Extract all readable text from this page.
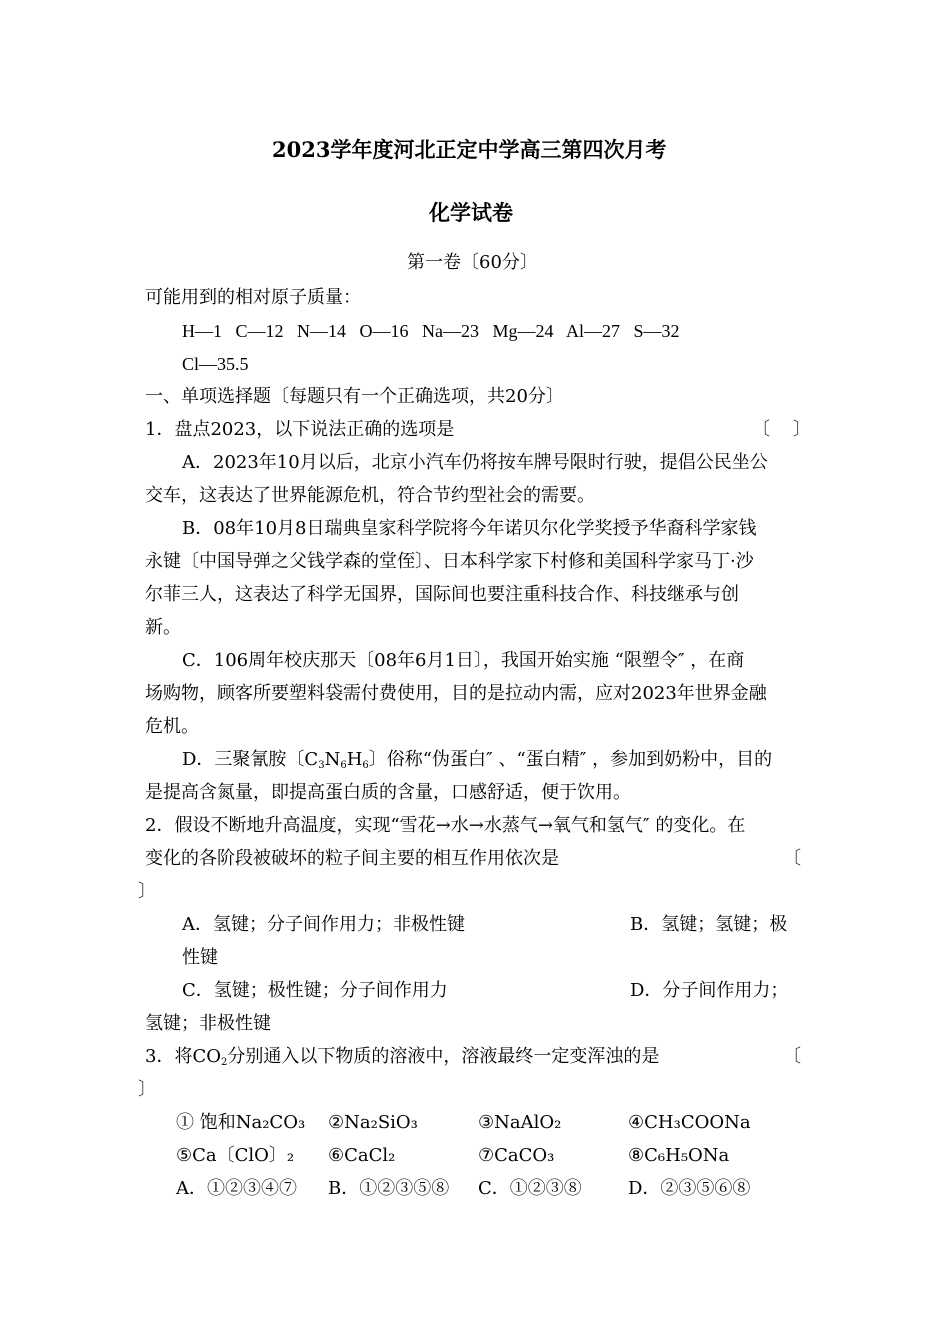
2023学年度河北正定中学高三第四次月考
化学试卷
第一卷〔60分〕
可能用到的相对原子质量：
H—1   C—12   N—14   O—16   Na—23   Mg—24   Al—27   S—32
Cl—35.5
一、单项选择题〔每题只有一个正确选项，共20分〕
1．盘点2023，以下说法正确的选项是	〔    〕
A．2023年10月以后，北京小汽车仍将按车牌号限时行驶，提倡公民坐公
交车，这表达了世界能源危机，符合节约型社会的需要。
B．08年10月8日瑞典皇家科学院将今年诺贝尔化学奖授予华裔科学家钱
永键〔中国导弹之父钱学森的堂侄〕、日本科学家下村修和美国科学家马丁·沙
尔菲三人，这表达了科学无国界，国际间也要注重科技合作、科技继承与创
新。
C．106周年校庆那天〔08年6月1日〕，我国开始实施 “限塑令″ ，在商
场购物，顾客所要塑料袋需付费使用，目的是拉动内需，应对2023年世界金融
危机。
D．三聚氰胺〔$C_3N_6H_6$〕俗称“伪蛋白″ 、“蛋白精″ ，参加到奶粉中，目的
是提高含氮量，即提高蛋白质的含量，口感舒适，便于饮用。
2．假设不断地升高温度，实现“雪花→水→水蒸气→氧气和氢气″ 的变化。在
变化的各阶段被破坏的粒子间主要的相互作用依次是	〔
〕
A．氢键；分子间作用力；非极性键	B．氢键；氢键；极
性键
C．氢键；极性键；分子间作用力	D．分子间作用力；
氢键；非极性键
3．将$CO_2$分别通入以下物质的溶液中，溶液最终一定变浑浊的是	〔
〕
① 饱和Na₂CO₃ ②Na₂SiO₃	③NaAlO₂	④CH₃COONa
⑤Ca〔ClO〕₂ ⑥CaCl₂	⑦CaCO₃	⑧C₆H₅ONa
A．①②③④⑦ B．①②③⑤⑧ C．①②③⑧	D．②③⑤⑥⑧
